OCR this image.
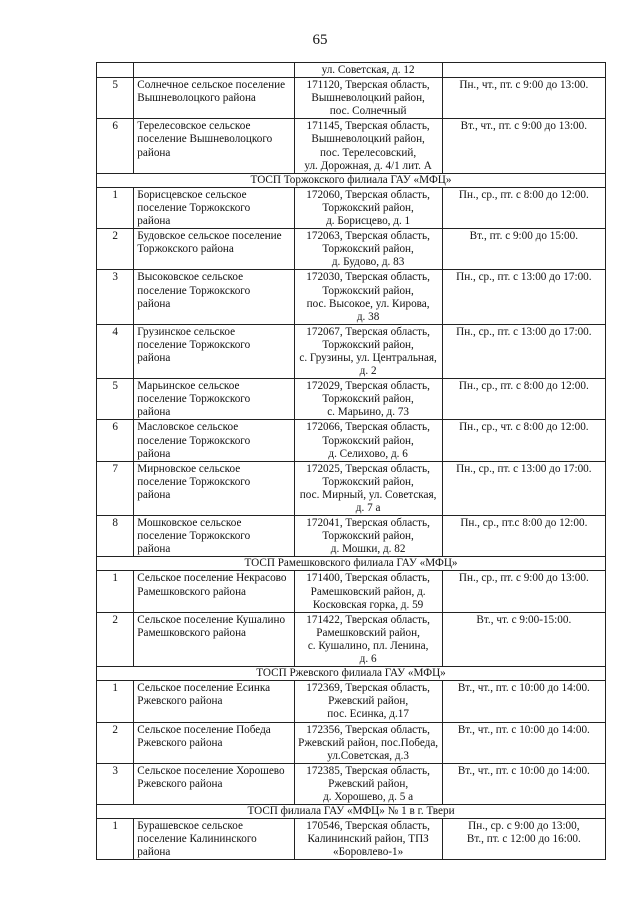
65

		ул. Советская, д. 12	

5	Солнечное сельское поселение
Вышневолоцкого района	171120, Тверская область,
Вышневолоцкий район,
пос. Солнечный	Пн., чт., пт. с 9:00 до 13:00.

6	Терелесовское сельское
поселение Вышневолоцкого
района	171145, Тверская область,
Вышневолоцкий район,
пос. Терелесовский,
ул. Дорожная, д. 4/1 лит. А	Вт., чт., пт. с 9:00 до 13:00.

ТОСП Торжокского филиала ГАУ «МФЦ»			
1	Борисцевское сельское
поселение Торжокского
района	172060, Тверская область,
Торжокский район,
д. Борисцево, д. 1	Пн., ср., пт. с 8:00 до 12:00.

2	Будовское сельское поселение
Торжокского района	172063, Тверская область,
Торжокский район,
д. Будово, д. 83	Вт., пт. с 9:00 до 15:00.

3	Высоковское сельское
поселение Торжокского
района	172030, Тверская область,
Торжокский район,
пос. Высокое, ул. Кирова,
д. 38	Пн., ср., пт. с 13:00 до 17:00.

4	Грузинское сельское
поселение Торжокского
района	172067, Тверская область,
Торжокский район,
с. Грузины, ул. Центральная,
д. 2	Пн., ср., пт. с 13:00 до 17:00.

5	Марьинское сельское
поселение Торжокского
района	172029, Тверская область,
Торжокский район,
с. Марьино, д. 73	Пн., ср., пт. с 8:00 до 12:00.

6	Масловское сельское
поселение Торжокского
района	172066, Тверская область,
Торжокский район,
д. Селихово, д. 6	Пн., ср., чт. с 8:00 до 12:00.

7	Мирновское сельское
поселение Торжокского
района	172025, Тверская область,
Торжокский район,
пос. Мирный, ул. Советская,
д. 7 а	Пн., ср., пт. с 13:00 до 17:00.

8	Мошковское сельское
поселение Торжокского
района	172041, Тверская область,
Торжокский район,
д. Мошки, д. 82	Пн., ср., пт.с 8:00 до 12:00.

ТОСП Рамешковского филиала ГАУ «МФЦ»			
1	Сельское поселение Некрасово
Рамешковского района	171400, Тверская область,
Рамешковский район, д.
Косковская горка, д. 59	Пн., ср., пт. с 9:00 до 13:00.

2	Сельское поселение Кушалино
Рамешковского района	171422, Тверская область,
Рамешковский район,
с. Кушалино, пл. Ленина,
д. 6	Вт., чт. с 9:00-15:00.

ТОСП Ржевского филиала ГАУ «МФЦ»			
1	Сельское поселение Есинка
Ржевского района	172369, Тверская область,
Ржевский район,
пос. Есинка, д.17	Вт., чт., пт. с 10:00 до 14:00.

2	Сельское поселение Победа
Ржевского района	172356, Тверская область,
Ржевский район, пос.Победа,
ул.Советская, д.3	Вт., чт., пт. с 10:00 до 14:00.

3	Сельское поселение Хорошево
Ржевского района	172385, Тверская область,
Ржевский район,
д. Хорошево, д. 5 а	Вт., чт., пт. с 10:00 до 14:00.

ТОСП филиала ГАУ «МФЦ» № 1 в г. Твери			
1	Бурашевское сельское
поселение Калининского
района	170546, Тверская область,
Калининский район, ТПЗ
«Боровлево-1»	Пн., ср. с 9:00 до 13:00,
Вт., пт. с 12:00 до 16:00.
